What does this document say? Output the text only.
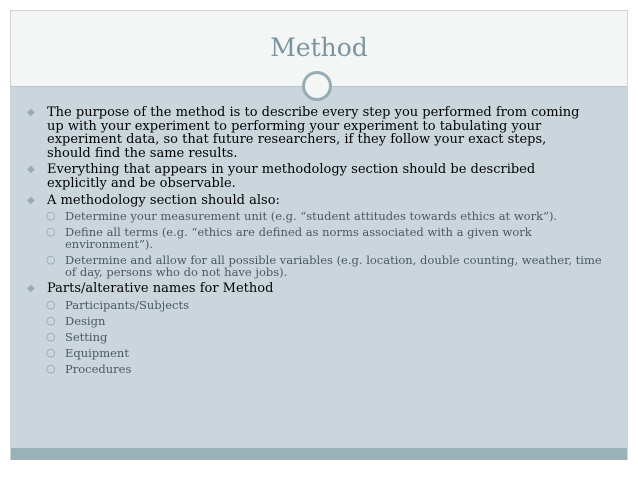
Method
◆ The purpose of the method is to describe every step you performed from coming up with your experiment to performing your experiment to tabulating your experiment data, so that future researchers, if they follow your exact steps, should find the same results.
◆ Everything that appears in your methodology section should be described explicitly and be observable.
◆ A methodology section should also:
○ Determine your measurement unit (e.g. “student attitudes towards ethics at work”).
○ Define all terms (e.g. “ethics are defined as norms associated with a given work environment”).
○ Determine and allow for all possible variables (e.g. location, double counting, weather, time of day, persons who do not have jobs).
◆ Parts/alterative names for Method
○ Participants/Subjects
○ Design
○ Setting
○ Equipment
○ Procedures
